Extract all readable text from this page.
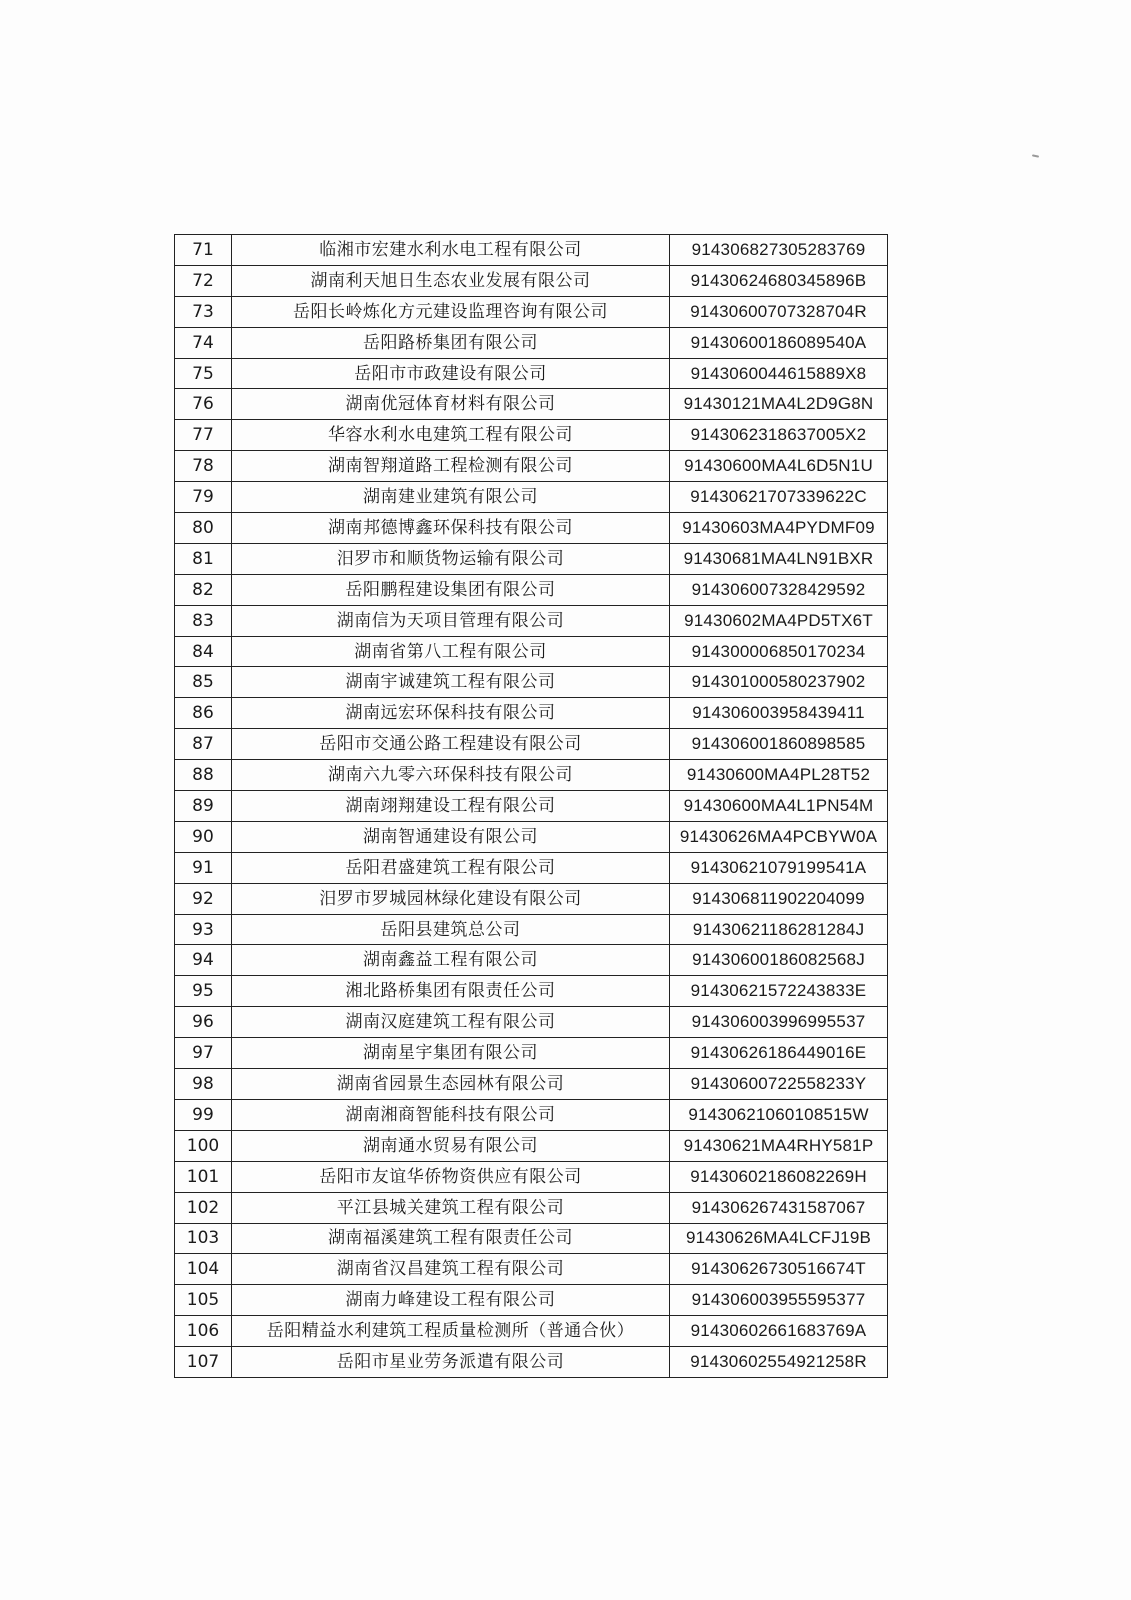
71	临湘市宏建水利水电工程有限公司	914306827305283769
72	湖南利天旭日生态农业发展有限公司	91430624680345896B
73	岳阳长岭炼化方元建设监理咨询有限公司	91430600707328704R
74	岳阳路桥集团有限公司	91430600186089540A
75	岳阳市市政建设有限公司	9143060044615889X8
76	湖南优冠体育材料有限公司	91430121MA4L2D9G8N
77	华容水利水电建筑工程有限公司	9143062318637005X2
78	湖南智翔道路工程检测有限公司	91430600MA4L6D5N1U
79	湖南建业建筑有限公司	91430621707339622C
80	湖南邦德博鑫环保科技有限公司	91430603MA4PYDMF09
81	汨罗市和顺货物运输有限公司	91430681MA4LN91BXR
82	岳阳鹏程建设集团有限公司	914306007328429592
83	湖南信为天项目管理有限公司	91430602MA4PD5TX6T
84	湖南省第八工程有限公司	914300006850170234
85	湖南宇诚建筑工程有限公司	914301000580237902
86	湖南远宏环保科技有限公司	914306003958439411
87	岳阳市交通公路工程建设有限公司	914306001860898585
88	湖南六九零六环保科技有限公司	91430600MA4PL28T52
89	湖南翊翔建设工程有限公司	91430600MA4L1PN54M
90	湖南智通建设有限公司	91430626MA4PCBYW0A
91	岳阳君盛建筑工程有限公司	91430621079199541A
92	汨罗市罗城园林绿化建设有限公司	914306811902204099
93	岳阳县建筑总公司	91430621186281284J
94	湖南鑫益工程有限公司	91430600186082568J
95	湘北路桥集团有限责任公司	91430621572243833E
96	湖南汉庭建筑工程有限公司	914306003996995537
97	湖南星宇集团有限公司	91430626186449016E
98	湖南省园景生态园林有限公司	91430600722558233Y
99	湖南湘商智能科技有限公司	91430621060108515W
100	湖南通水贸易有限公司	91430621MA4RHY581P
101	岳阳市友谊华侨物资供应有限公司	91430602186082269H
102	平江县城关建筑工程有限公司	914306267431587067
103	湖南福溪建筑工程有限责任公司	91430626MA4LCFJ19B
104	湖南省汉昌建筑工程有限公司	91430626730516674T
105	湖南力峰建设工程有限公司	914306003955595377
106	岳阳精益水利建筑工程质量检测所（普通合伙）	91430602661683769A
107	岳阳市星业劳务派遣有限公司	91430602554921258R
